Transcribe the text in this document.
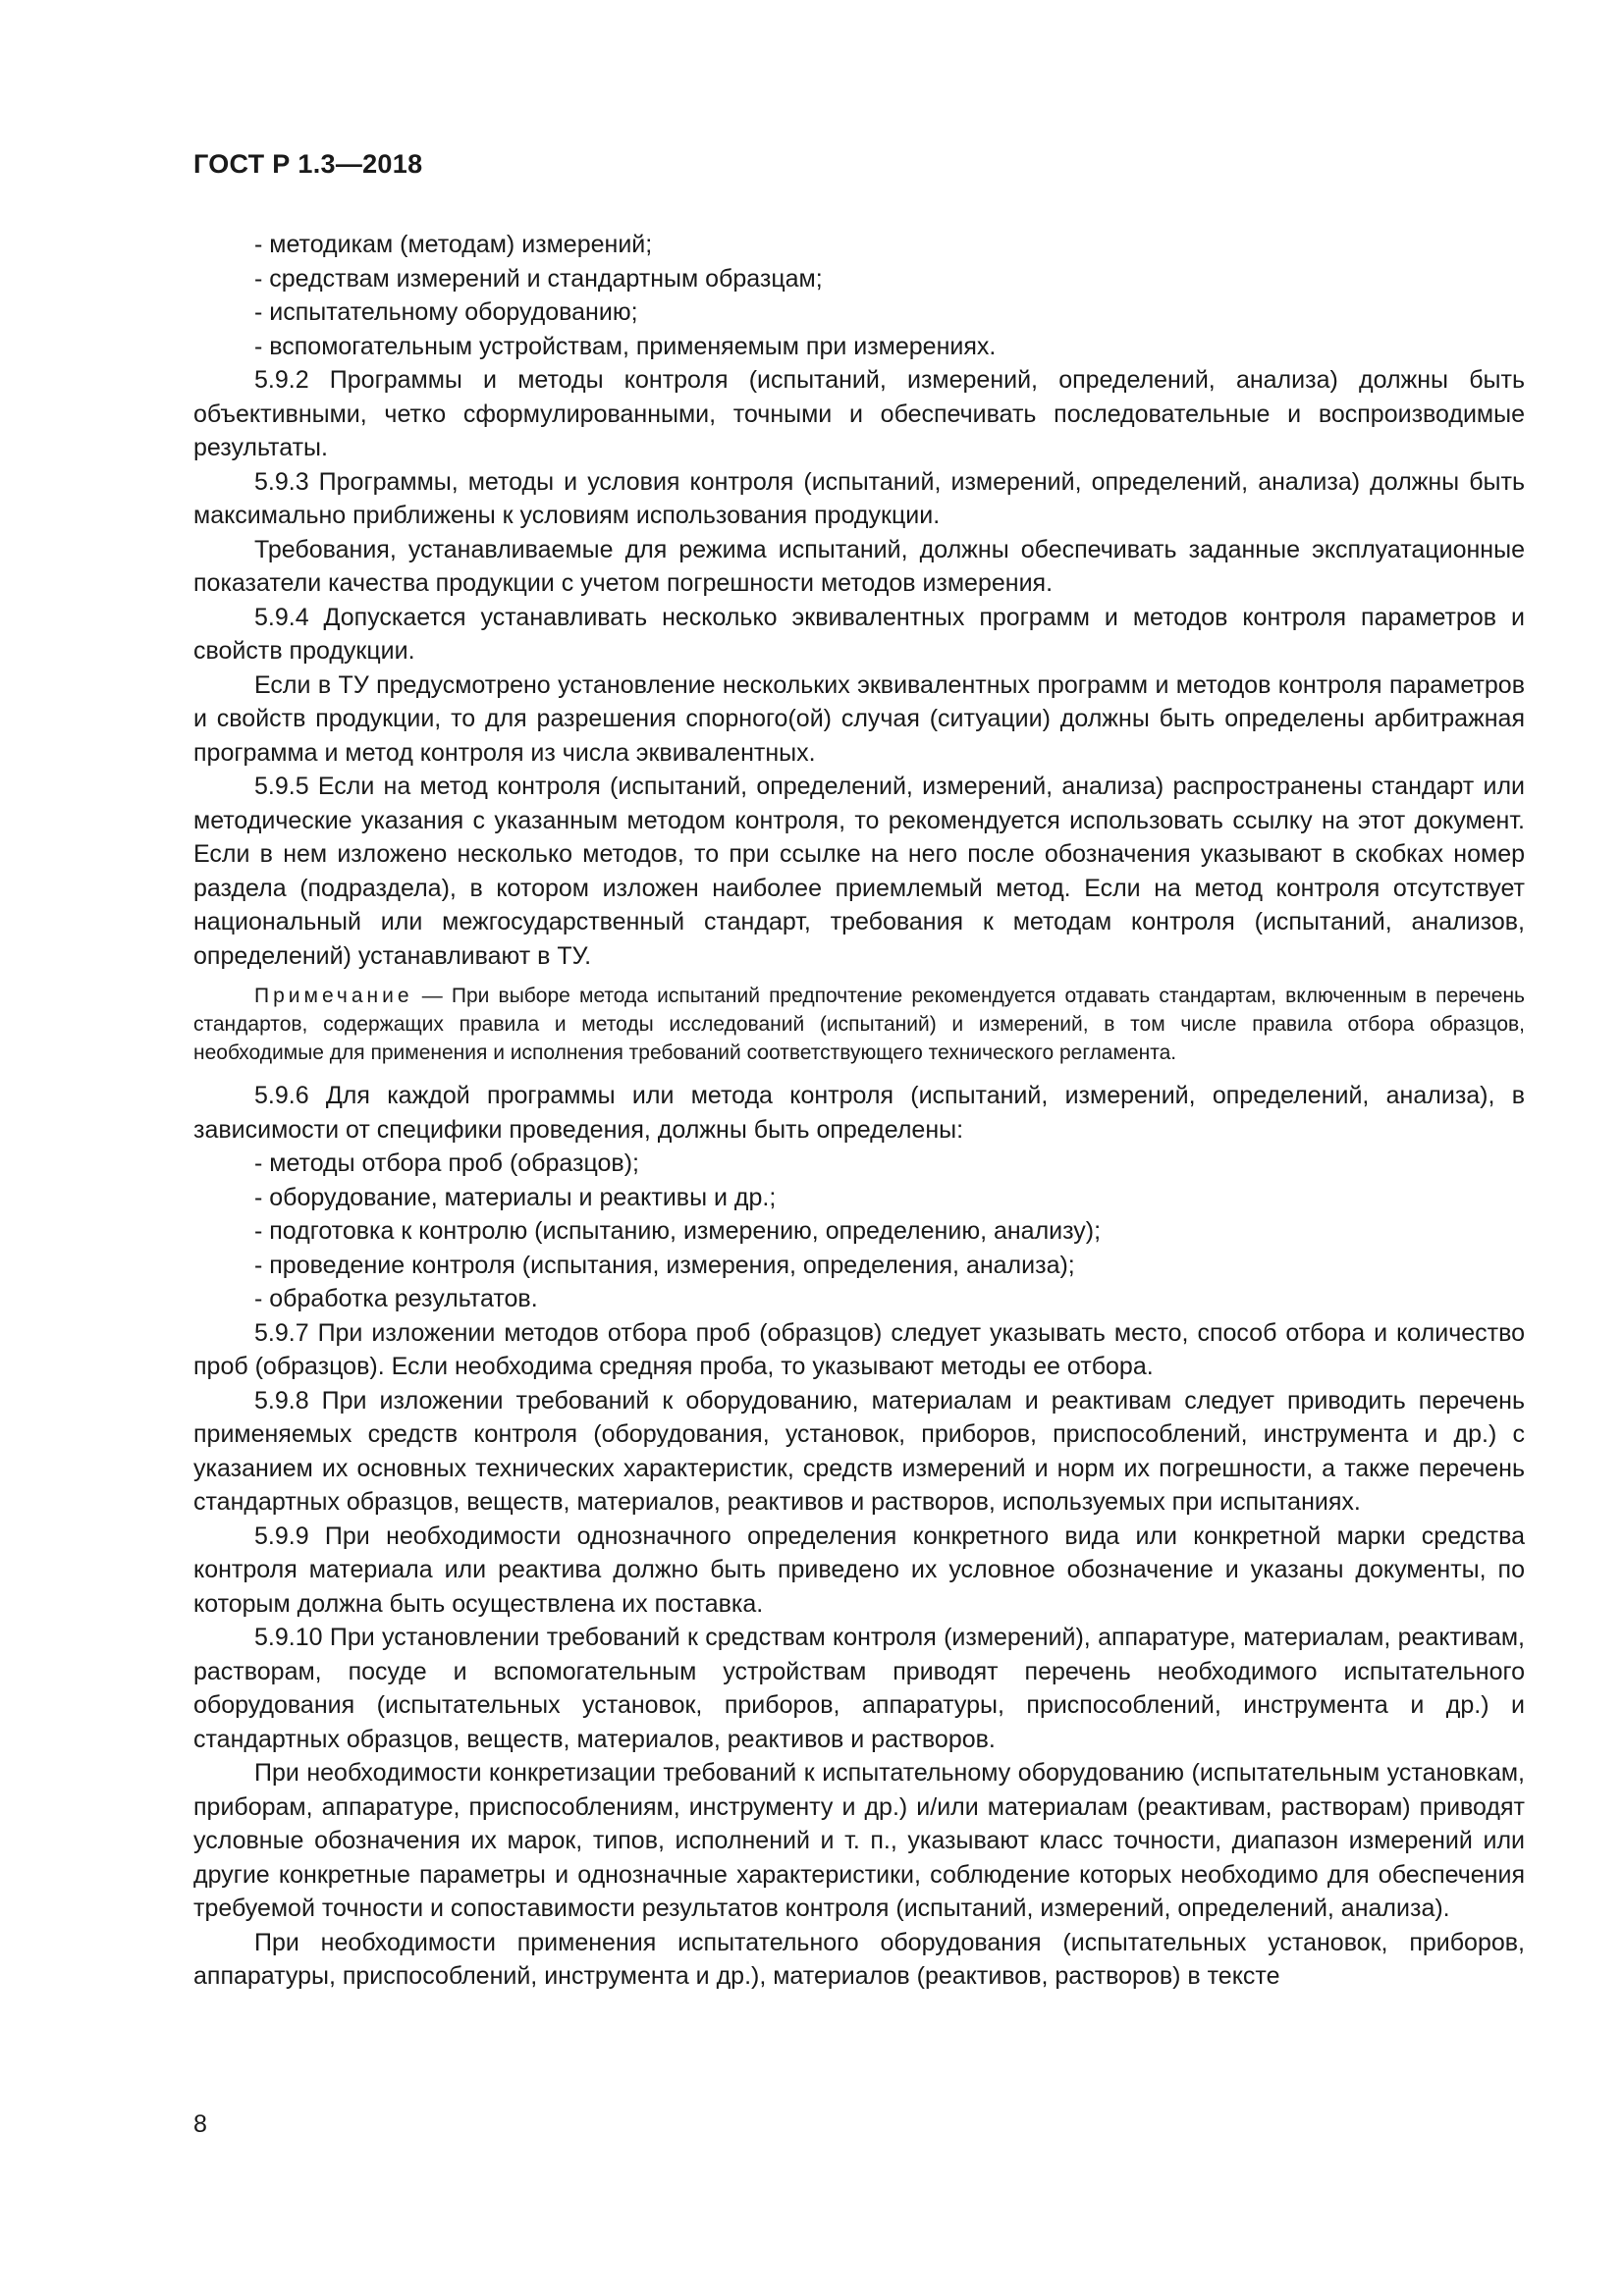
ГОСТ Р 1.3—2018

- методикам (методам) измерений;

- средствам измерений и стандартным образцам;

- испытательному оборудованию;

- вспомогательным устройствам, применяемым при измерениях.

5.9.2 Программы и методы контроля (испытаний, измерений, определений, анализа) должны быть объективными, четко сформулированными, точными и обеспечивать последовательные и воспроизводимые результаты.

5.9.3 Программы, методы и условия контроля (испытаний, измерений, определений, анализа) должны быть максимально приближены к условиям использования продукции.

Требования, устанавливаемые для режима испытаний, должны обеспечивать заданные эксплуатационные показатели качества продукции с учетом погрешности методов измерения.

5.9.4 Допускается устанавливать несколько эквивалентных программ и методов контроля параметров и свойств продукции.

Если в ТУ предусмотрено установление нескольких эквивалентных программ и методов контроля параметров и свойств продукции, то для разрешения спорного(ой) случая (ситуации) должны быть определены арбитражная программа и метод контроля из числа эквивалентных.

5.9.5 Если на метод контроля (испытаний, определений, измерений, анализа) распространены стандарт или методические указания с указанным методом контроля, то рекомендуется использовать ссылку на этот документ. Если в нем изложено несколько методов, то при ссылке на него после обозначения указывают в скобках номер раздела (подраздела), в котором изложен наиболее приемлемый метод. Если на метод контроля отсутствует национальный или межгосударственный стандарт, требования к методам контроля (испытаний, анализов, определений) устанавливают в ТУ.

Примечание — При выборе метода испытаний предпочтение рекомендуется отдавать стандартам, включенным в перечень стандартов, содержащих правила и методы исследований (испытаний) и измерений, в том числе правила отбора образцов, необходимые для применения и исполнения требований соответствующего технического регламента.

5.9.6 Для каждой программы или метода контроля (испытаний, измерений, определений, анализа), в зависимости от специфики проведения, должны быть определены:

- методы отбора проб (образцов);

- оборудование, материалы и реактивы и др.;

- подготовка к контролю (испытанию, измерению, определению, анализу);

- проведение контроля (испытания, измерения, определения, анализа);

- обработка результатов.

5.9.7 При изложении методов отбора проб (образцов) следует указывать место, способ отбора и количество проб (образцов). Если необходима средняя проба, то указывают методы ее отбора.

5.9.8 При изложении требований к оборудованию, материалам и реактивам следует приводить перечень применяемых средств контроля (оборудования, установок, приборов, приспособлений, инструмента и др.) с указанием их основных технических характеристик, средств измерений и норм их погрешности, а также перечень стандартных образцов, веществ, материалов, реактивов и растворов, используемых при испытаниях.

5.9.9 При необходимости однозначного определения конкретного вида или конкретной марки средства контроля материала или реактива должно быть приведено их условное обозначение и указаны документы, по которым должна быть осуществлена их поставка.

5.9.10 При установлении требований к средствам контроля (измерений), аппаратуре, материалам, реактивам, растворам, посуде и вспомогательным устройствам приводят перечень необходимого испытательного оборудования (испытательных установок, приборов, аппаратуры, приспособлений, инструмента и др.) и стандартных образцов, веществ, материалов, реактивов и растворов.

При необходимости конкретизации требований к испытательному оборудованию (испытательным установкам, приборам, аппаратуре, приспособлениям, инструменту и др.) и/или материалам (реактивам, растворам) приводят условные обозначения их марок, типов, исполнений и т. п., указывают класс точности, диапазон измерений или другие конкретные параметры и однозначные характеристики, соблюдение которых необходимо для обеспечения требуемой точности и сопоставимости результатов контроля (испытаний, измерений, определений, анализа).

При необходимости применения испытательного оборудования (испытательных установок, приборов, аппаратуры, приспособлений, инструмента и др.), материалов (реактивов, растворов) в тексте

8
